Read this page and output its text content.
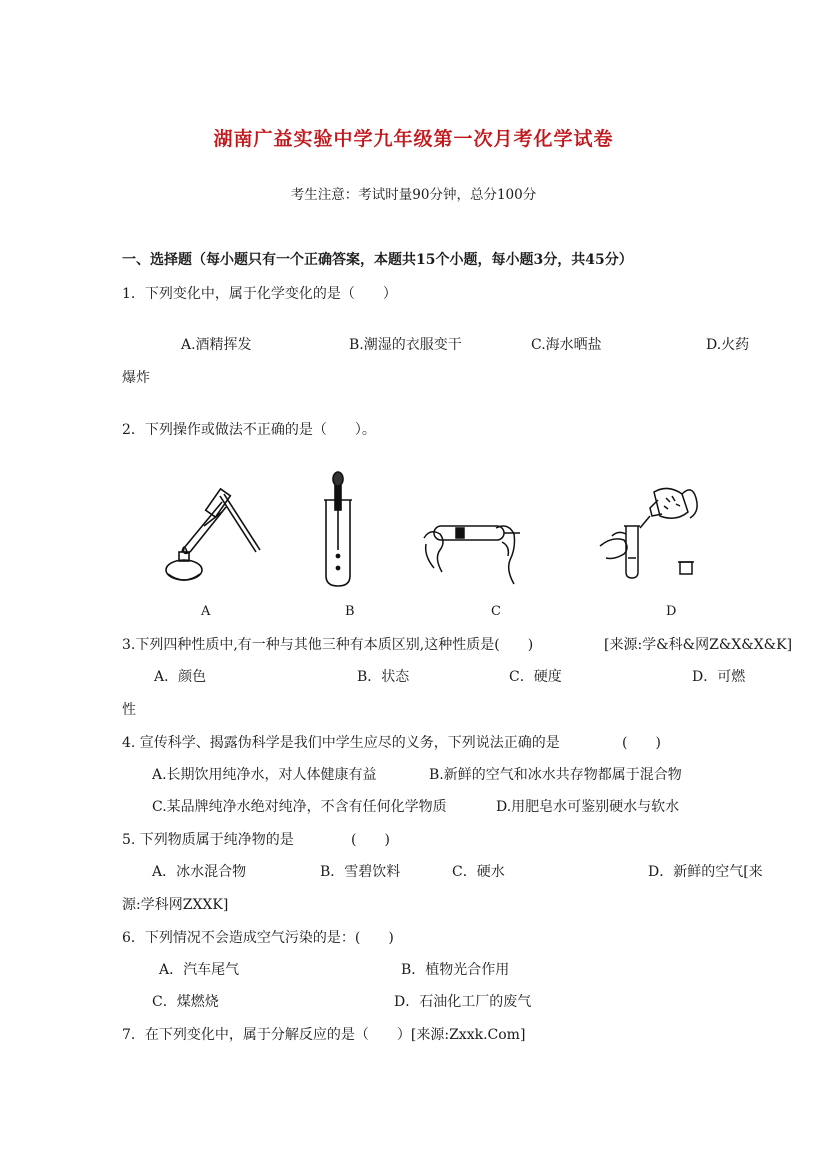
湖南广益实验中学九年级第一次月考化学试卷
考生注意：考试时量90分钟，总分100分
一、选择题（每小题只有一个正确答案，本题共15个小题，每小题3分，共45分）
1．下列变化中，属于化学变化的是（　　）
A.酒精挥发	B.潮湿的衣服变干	C.海水晒盐	D.火药
爆炸
2．下列操作或做法不正确的是（　　）。
A	B	C	D
3.下列四种性质中,有一种与其他三种有本质区别,这种性质是(　　)	[来源:学&科&网Z&X&X&K]
A．颜色	B．状态	C．硬度	D．可燃
性
4. 宣传科学、揭露伪科学是我们中学生应尽的义务，下列说法正确的是	(　　)
A.长期饮用纯净水，对人体健康有益	B.新鲜的空气和冰水共存物都属于混合物
C.某品牌纯净水绝对纯净，不含有任何化学物质	D.用肥皂水可鉴别硬水与软水
5. 下列物质属于纯净物的是	(　　)
A．冰水混合物	B．雪碧饮料	C．硬水	D．新鲜的空气[来
源:学科网ZXXK]
6．下列情况不会造成空气污染的是：(　　)
A．汽车尾气	B．植物光合作用
C．煤燃烧	D．石油化工厂的废气
7．在下列变化中，属于分解反应的是（　　）[来源:Zxxk.Com]
